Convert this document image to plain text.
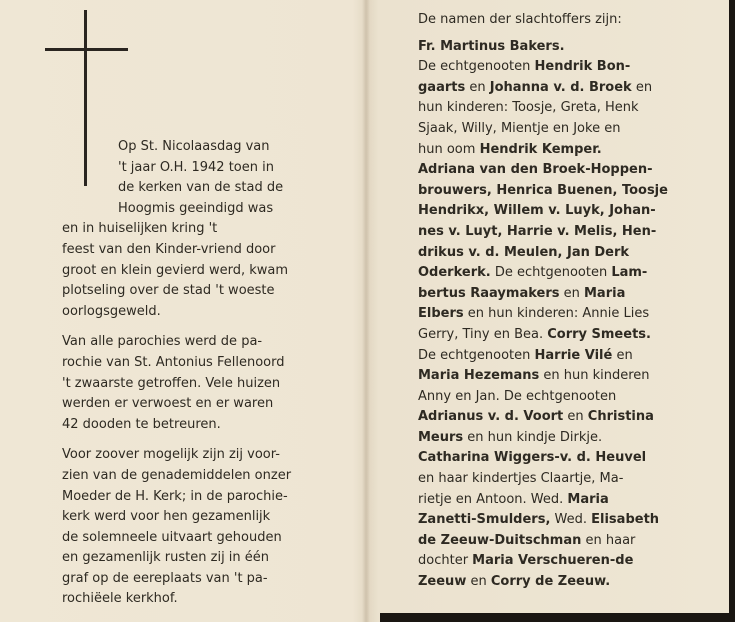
Op St. Nicolaasdag van
't jaar O.H. 1942 toen in
de kerken van de stad de
Hoogmis geeindigd was
en in huiselijken kring 't
feest van den Kinder-vriend door
groot en klein gevierd werd, kwam
plotseling over de stad 't woeste
oorlogsgeweld.

Van alle parochies werd de pa-
rochie van St. Antonius Fellenoord
't zwaarste getroffen. Vele huizen
werden er verwoest en er waren
42 dooden te betreuren.

Voor zoover mogelijk zijn zij voor-
zien van de genademiddelen onzer
Moeder de H. Kerk; in de parochie-
kerk werd voor hen gezamenlijk
de solemneele uitvaart gehouden
en gezamenlijk rusten zij in één
graf op de eereplaats van 't pa-
rochiëele kerkhof.

De namen der slachtoffers zijn:
Fr. Martinus Bakers.
De echtgenooten Hendrik Bon-
gaarts en Johanna v. d. Broek en
hun kinderen: Toosje, Greta, Henk
Sjaak, Willy, Mientje en Joke en
hun oom Hendrik Kemper.
Adriana van den Broek-Hoppen-
brouwers, Henrica Buenen, Toosje
Hendrikx, Willem v. Luyk, Johan-
nes v. Luyt, Harrie v. Melis, Hen-
drikus v. d. Meulen, Jan Derk
Oderkerk. De echtgenooten Lam-
bertus Raaymakers en Maria
Elbers en hun kinderen: Annie Lies
Gerry, Tiny en Bea. Corry Smeets.
De echtgenooten Harrie Vilé en
Maria Hezemans en hun kinderen
Anny en Jan. De echtgenooten
Adrianus v. d. Voort en Christina
Meurs en hun kindje Dirkje.
Catharina Wiggers-v. d. Heuvel
en haar kindertjes Claartje, Ma-
rietje en Antoon. Wed. Maria
Zanetti-Smulders, Wed. Elisabeth
de Zeeuw-Duitschman en haar
dochter Maria Verschueren-de
Zeeuw en Corry de Zeeuw.
